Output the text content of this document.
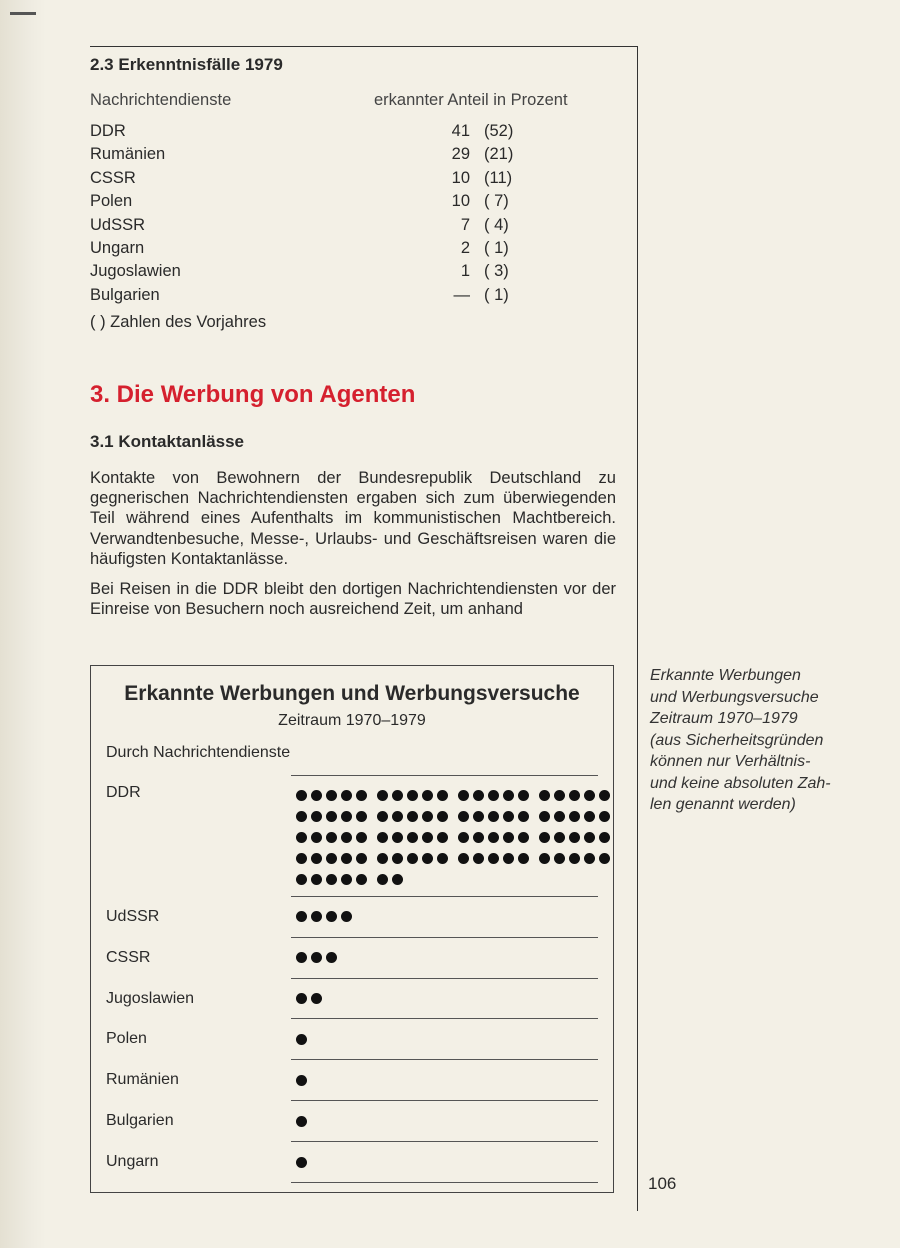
2.3 Erkenntnisfälle 1979
Nachrichtendienste	erkannter Anteil in Prozent
DDR
Rumänien
CSSR
Polen
UdSSR
Ungarn
Jugoslawien
Bulgarien
41 (52)
29 (21)
10 (11)
10 ( 7)
7 ( 4)
2 ( 1)
1 ( 3)
— ( 1)
( ) Zahlen des Vorjahres
3. Die Werbung von Agenten
3.1 Kontaktanlässe

Kontakte von Bewohnern der Bundesrepublik Deutschland zu gegnerischen Nachrichtendiensten ergaben sich zum überwiegenden Teil während eines Aufenthalts im kommunistischen Machtbereich. Verwandtenbesuche, Messe-, Urlaubs- und Geschäftsreisen waren die häufigsten Kontaktanlässe.

Bei Reisen in die DDR bleibt den dortigen Nachrichtendiensten vor der Einreise von Besuchern noch ausreichend Zeit, um anhand

Erkannte Werbungen und Werbungsversuche
Zeitraum 1970–1979
Durch Nachrichtendienste
DDR
UdSSR
CSSR
Jugoslawien
Polen
Rumänien
Bulgarien
Ungarn
Erkannte Werbungen
und Werbungsversuche
Zeitraum 1970–1979
(aus Sicherheitsgründen
können nur Verhältnis-
und keine absoluten Zah-
len genannt werden)
106
